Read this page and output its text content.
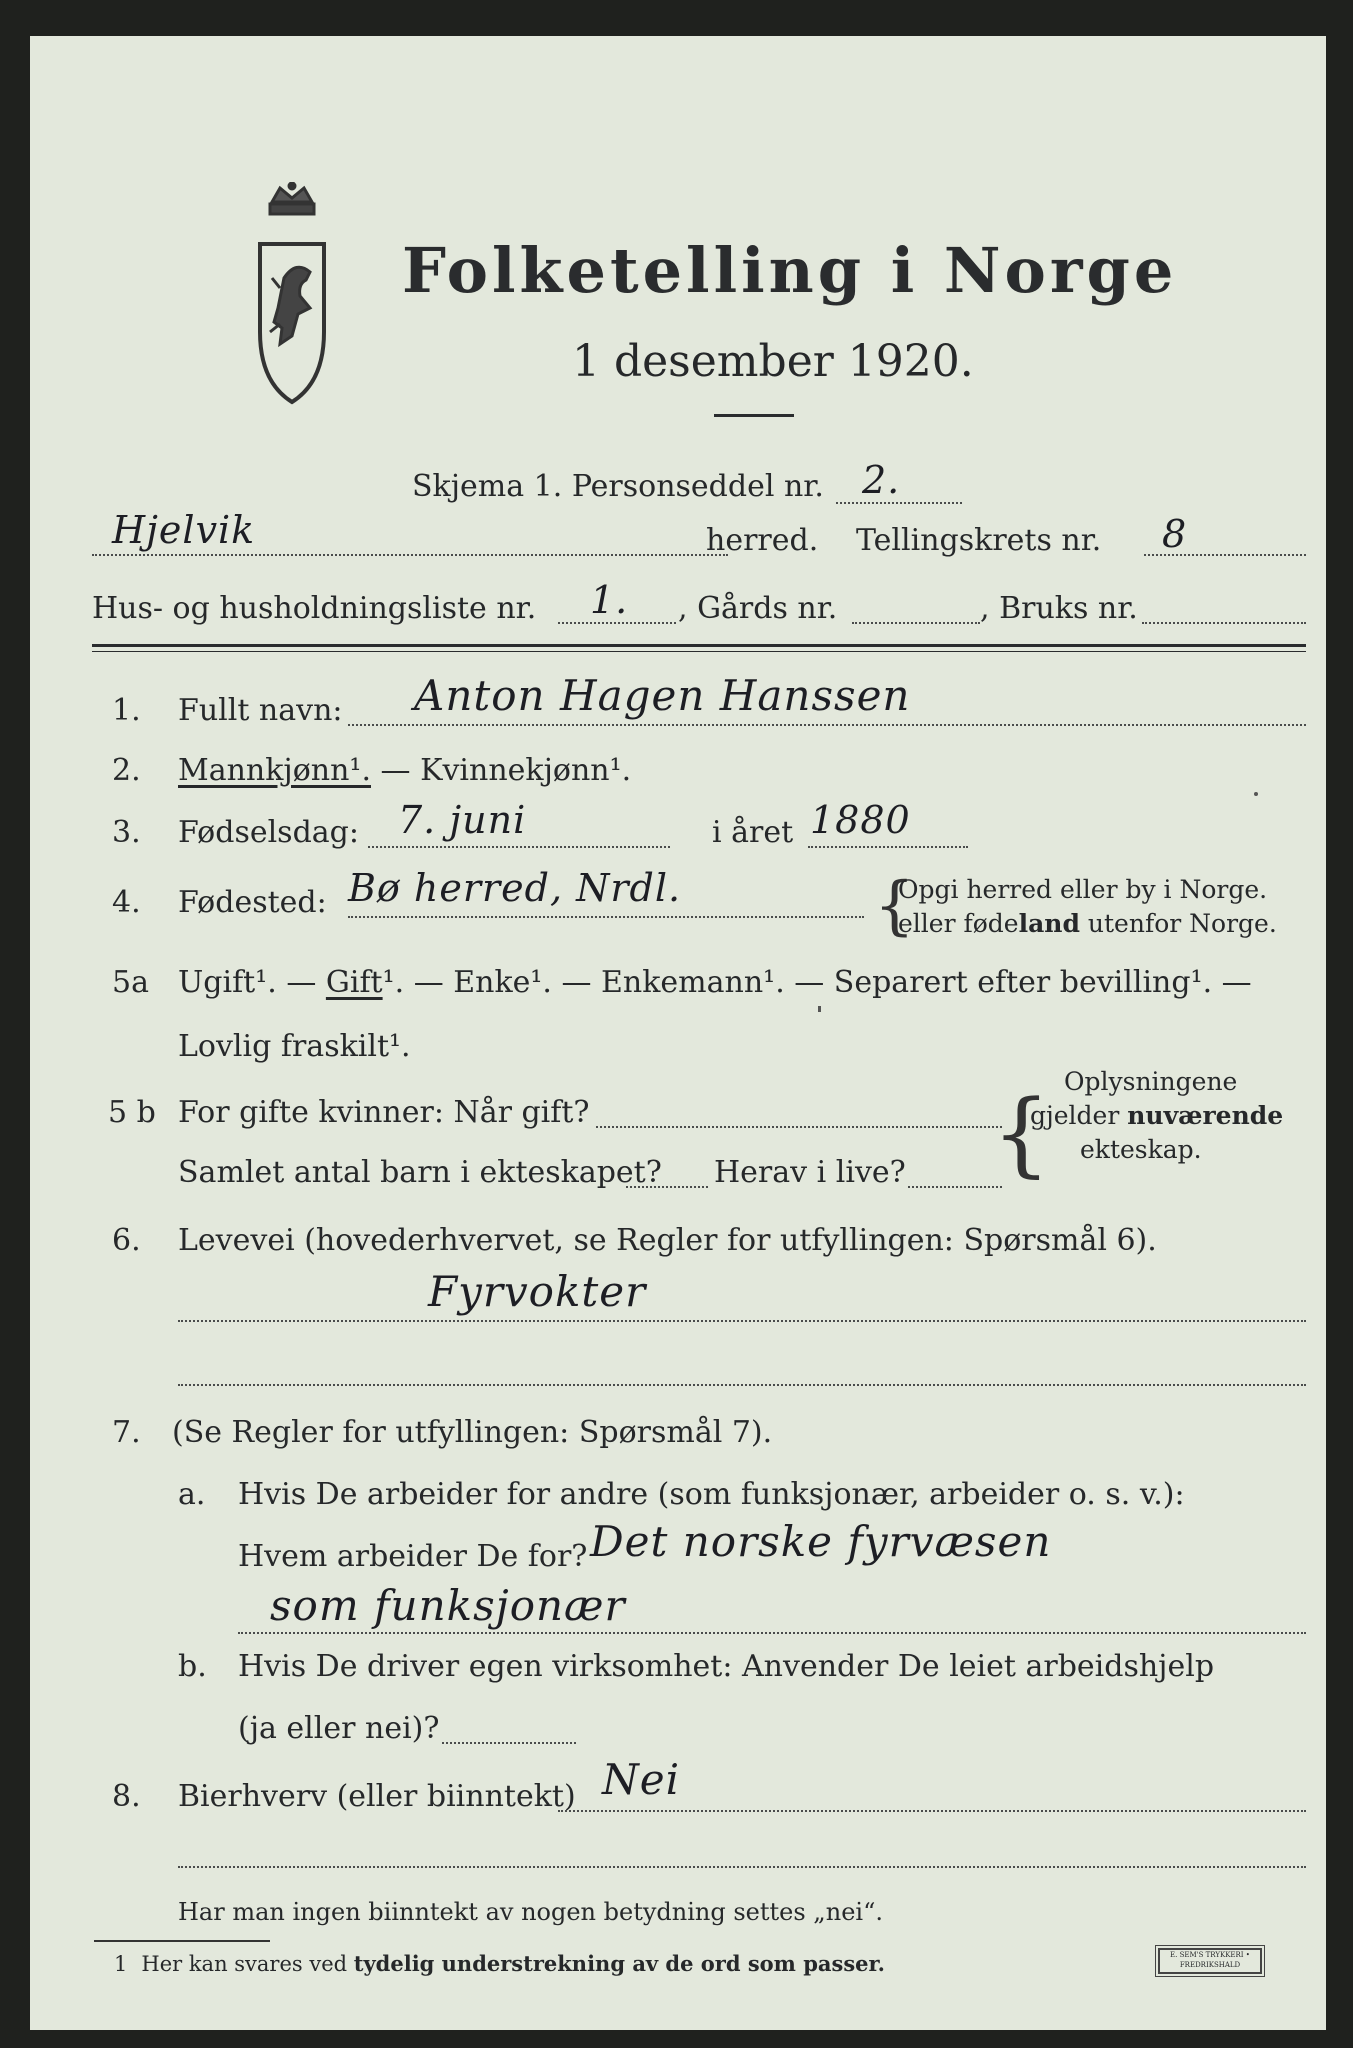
Folketelling i Norge
1 desember 1920.
Skjema 1. Personseddel nr. 2.
Hjelvik	herred. Tellingskrets nr. 8
Hus- og husholdningsliste nr. 1. , Gårds nr.	, Bruks nr.
1. Fullt navn: Anton Hagen Hanssen
2. Mannkjønn¹. — Kvinnekjønn¹.
3. Fødselsdag: 7. juni	i året 1880
4. Fødested: Bø herred, Nrdl.	{
Opgi herred eller by i Norge.
eller fødeland utenfor Norge.
5a Ugift¹. — Gift¹. — Enke¹. — Enkemann¹. — Separert efter bevilling¹. —
Lovlig fraskilt¹.
5 b For gifte kvinner: Når gift?
Samlet antal barn i ekteskapet? Herav i live? { Oplysningene
gjelder nuværende
ekteskap.
6. Levevei (hovederhvervet, se Regler for utfyllingen: Spørsmål 6).
Fyrvokter
7. (Se Regler for utfyllingen: Spørsmål 7).
a. Hvis De arbeider for andre (som funksjonær, arbeider o. s. v.):
Hvem arbeider De for? Det norske fyrvæsen
som funksjonær
b. Hvis De driver egen virksomhet: Anvender De leiet arbeidshjelp
(ja eller nei)?
8. Bierhverv (eller biinntekt) Nei
Har man ingen biinntekt av nogen betydning settes „nei“.
1 Her kan svares ved tydelig understrekning av de ord som passer.	E. SEM'S TRYKKERI • FREDRIKSHALD
